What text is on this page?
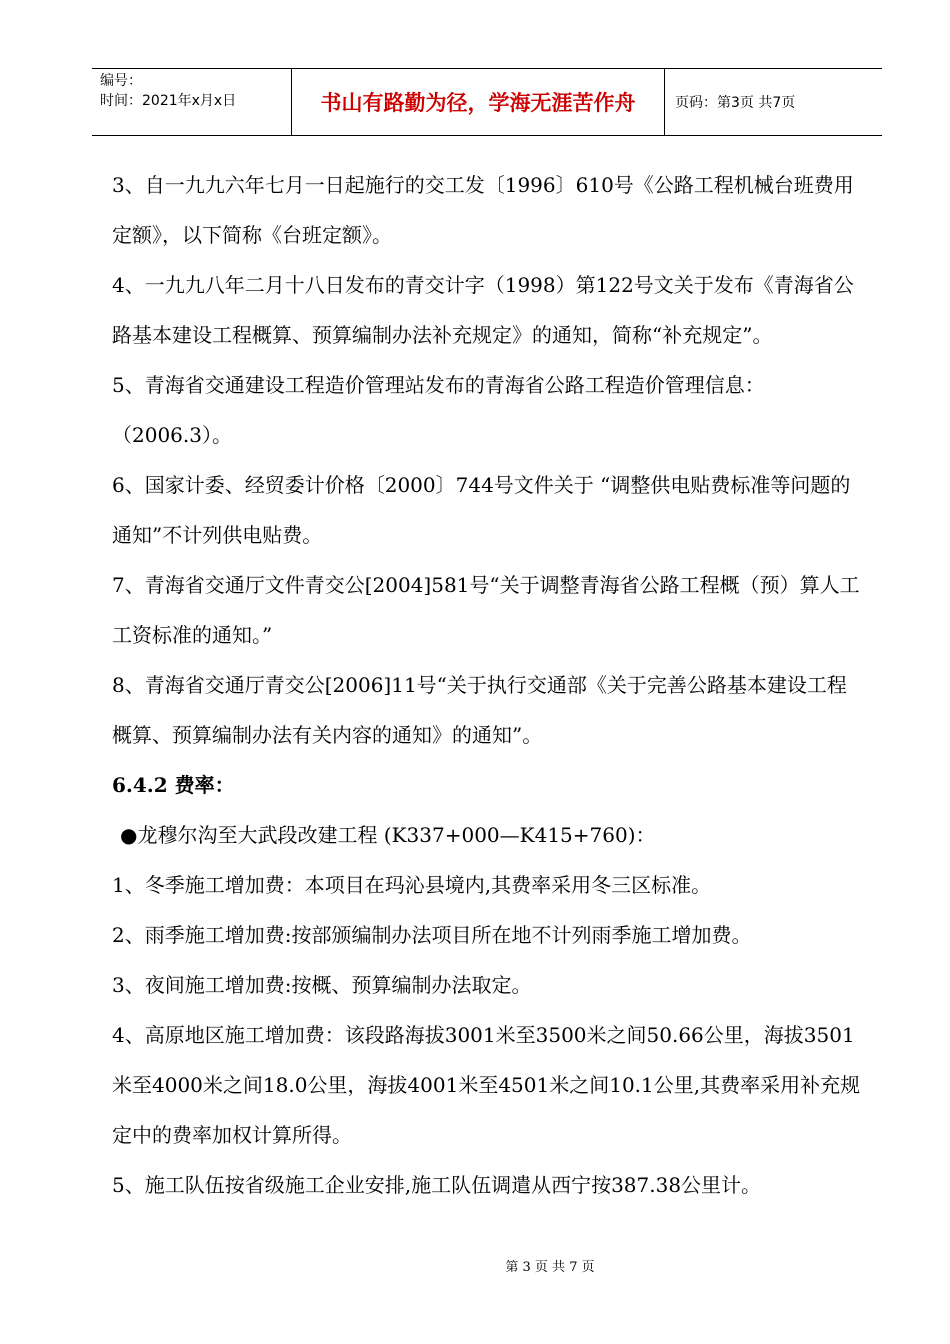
编号：
时间：2021年x月x日	书山有路勤为径，学海无涯苦作舟	页码：第3页 共7页

3、自一九九六年七月一日起施行的交工发〔1996〕610号《公路工程机械台班费用定额》，以下简称《台班定额》。

4、一九九八年二月十八日发布的青交计字（1998）第122号文关于发布《青海省公路基本建设工程概算、预算编制办法补充规定》的通知，简称“补充规定”。

5、青海省交通建设工程造价管理站发布的青海省公路工程造价管理信息：（2006.3）。

6、国家计委、经贸委计价格〔2000〕744号文件关于 “调整供电贴费标准等问题的通知”不计列供电贴费。

7、青海省交通厅文件青交公[2004]581号“关于调整青海省公路工程概（预）算人工工资标准的通知。”

8、青海省交通厅青交公[2006]11号“关于执行交通部《关于完善公路基本建设工程概算、预算编制办法有关内容的通知》的通知”。

6.4.2 费率：

●龙穆尔沟至大武段改建工程 (K337+000—K415+760)：

1、冬季施工增加费：本项目在玛沁县境内,其费率采用冬三区标准。

2、雨季施工增加费:按部颁编制办法项目所在地不计列雨季施工增加费。

3、夜间施工增加费:按概、预算编制办法取定。

4、高原地区施工增加费：该段路海拔3001米至3500米之间50.66公里，海拔3501米至4000米之间18.0公里，海拔4001米至4501米之间10.1公里,其费率采用补充规定中的费率加权计算所得。

5、施工队伍按省级施工企业安排,施工队伍调遣从西宁按387.38公里计。

第 3 页 共 7 页
